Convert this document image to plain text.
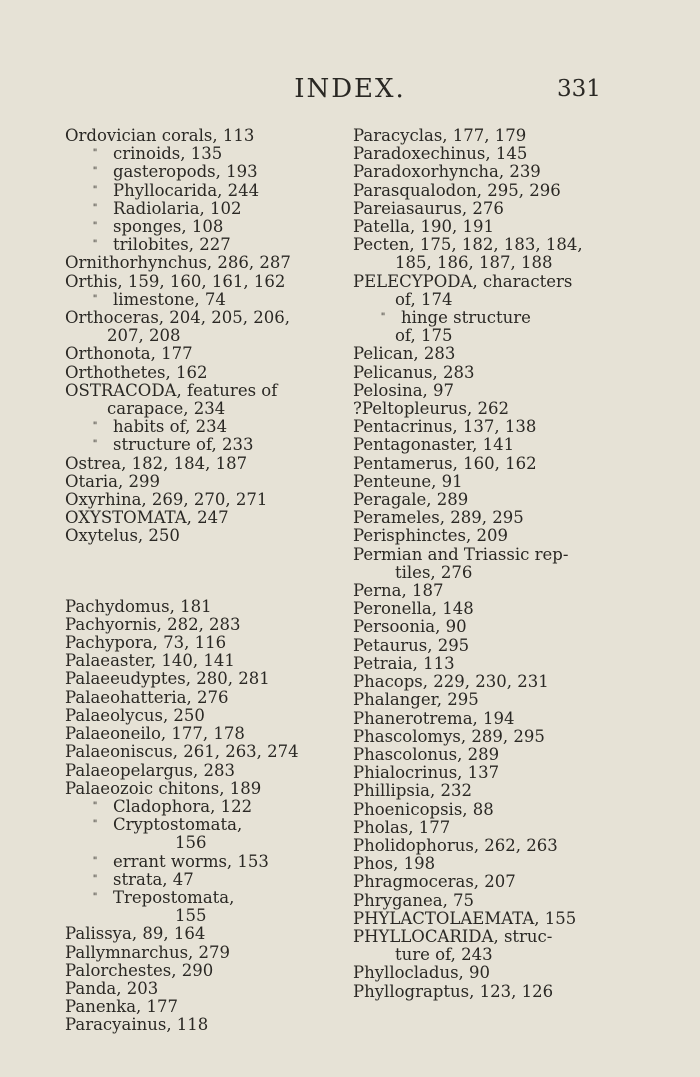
INDEX.	331
Ordovician corals, 113
" crinoids, 135
" gasteropods, 193
" Phyllocarida, 244
" Radiolaria, 102
" sponges, 108
" trilobites, 227
Ornithorhynchus, 286, 287
Orthis, 159, 160, 161, 162
" limestone, 74
Orthoceras, 204, 205, 206,
207, 208
Orthonota, 177
Orthothetes, 162
OSTRACODA, features of
carapace, 234
" habits of, 234
" structure of, 233
Ostrea, 182, 184, 187
Otaria, 299
Oxyrhina, 269, 270, 271
OXYSTOMATA, 247
Oxytelus, 250
Pachydomus, 181
Pachyornis, 282, 283
Pachypora, 73, 116
Palaeaster, 140, 141
Palaeeudyptes, 280, 281
Palaeohatteria, 276
Palaeolycus, 250
Palaeoneilo, 177, 178
Palaeoniscus, 261, 263, 274
Palaeopelargus, 283
Palaeozoic chitons, 189
" Cladophora, 122
" Cryptostomata,
156
" errant worms, 153
" strata, 47
" Trepostomata,
155
Palissya, 89, 164
Pallymnarchus, 279
Palorchestes, 290
Panda, 203
Panenka, 177
Paracyainus, 118
Paracyclas, 177, 179
Paradoxechinus, 145
Paradoxorhyncha, 239
Parasqualodon, 295, 296
Pareiasaurus, 276
Patella, 190, 191
Pecten, 175, 182, 183, 184,
185, 186, 187, 188
PELECYPODA, characters
of, 174
" hinge structure
of, 175
Pelican, 283
Pelicanus, 283
Pelosina, 97
?Peltopleurus, 262
Pentacrinus, 137, 138
Pentagonaster, 141
Pentamerus, 160, 162
Penteune, 91
Peragale, 289
Perameles, 289, 295
Perisphinctes, 209
Permian and Triassic rep-
tiles, 276
Perna, 187
Peronella, 148
Persoonia, 90
Petaurus, 295
Petraia, 113
Phacops, 229, 230, 231
Phalanger, 295
Phanerotrema, 194
Phascolomys, 289, 295
Phascolonus, 289
Phialocrinus, 137
Phillipsia, 232
Phoenicopsis, 88
Pholas, 177
Pholidophorus, 262, 263
Phos, 198
Phragmoceras, 207
Phryganea, 75
PHYLACTOLAEMATA, 155
PHYLLOCARIDA, struc-
ture of, 243
Phyllocladus, 90
Phyllograptus, 123, 126
